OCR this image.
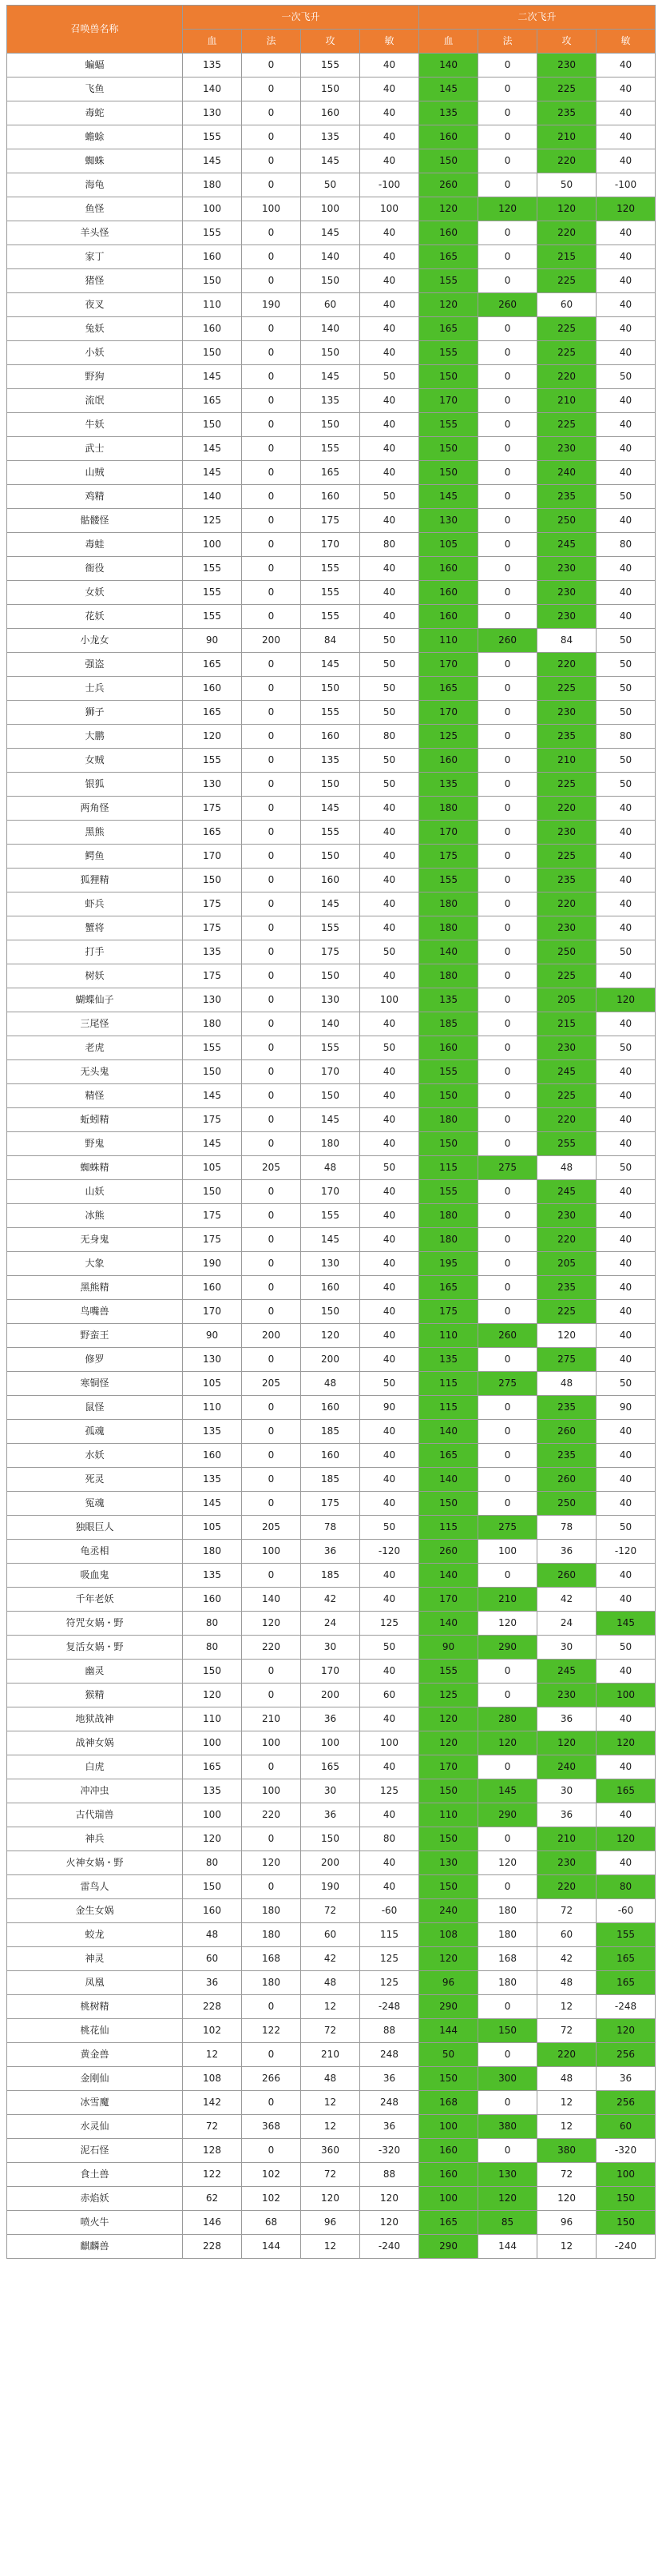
召唤兽名称	一次飞升				二次飞升			
	血	法	攻	敏	血	法	攻	敏
蝙蝠	135	0	155	40	140	0	230	40
飞鱼	140	0	150	40	145	0	225	40
毒蛇	130	0	160	40	135	0	235	40
蟾蜍	155	0	135	40	160	0	210	40
蜘蛛	145	0	145	40	150	0	220	40
海龟	180	0	50	-100	260	0	50	-100
鱼怪	100	100	100	100	120	120	120	120
羊头怪	155	0	145	40	160	0	220	40
家丁	160	0	140	40	165	0	215	40
猪怪	150	0	150	40	155	0	225	40
夜叉	110	190	60	40	120	260	60	40
兔妖	160	0	140	40	165	0	225	40
小妖	150	0	150	40	155	0	225	40
野狗	145	0	145	50	150	0	220	50
流氓	165	0	135	40	170	0	210	40
牛妖	150	0	150	40	155	0	225	40
武士	145	0	155	40	150	0	230	40
山贼	145	0	165	40	150	0	240	40
鸡精	140	0	160	50	145	0	235	50
骷髅怪	125	0	175	40	130	0	250	40
毒蛙	100	0	170	80	105	0	245	80
衙役	155	0	155	40	160	0	230	40
女妖	155	0	155	40	160	0	230	40
花妖	155	0	155	40	160	0	230	40
小龙女	90	200	84	50	110	260	84	50
强盗	165	0	145	50	170	0	220	50
士兵	160	0	150	50	165	0	225	50
狮子	165	0	155	50	170	0	230	50
大鹏	120	0	160	80	125	0	235	80
女贼	155	0	135	50	160	0	210	50
银狐	130	0	150	50	135	0	225	50
两角怪	175	0	145	40	180	0	220	40
黑熊	165	0	155	40	170	0	230	40
鳄鱼	170	0	150	40	175	0	225	40
狐狸精	150	0	160	40	155	0	235	40
虾兵	175	0	145	40	180	0	220	40
蟹将	175	0	155	40	180	0	230	40
打手	135	0	175	50	140	0	250	50
树妖	175	0	150	40	180	0	225	40
蝴蝶仙子	130	0	130	100	135	0	205	120
三尾怪	180	0	140	40	185	0	215	40
老虎	155	0	155	50	160	0	230	50
无头鬼	150	0	170	40	155	0	245	40
精怪	145	0	150	40	150	0	225	40
蚯蚓精	175	0	145	40	180	0	220	40
野鬼	145	0	180	40	150	0	255	40
蜘蛛精	105	205	48	50	115	275	48	50
山妖	150	0	170	40	155	0	245	40
冰熊	175	0	155	40	180	0	230	40
无身鬼	175	0	145	40	180	0	220	40
大象	190	0	130	40	195	0	205	40
黑熊精	160	0	160	40	165	0	235	40
鸟嘴兽	170	0	150	40	175	0	225	40
野蛮王	90	200	120	40	110	260	120	40
修罗	130	0	200	40	135	0	275	40
寒铜怪	105	205	48	50	115	275	48	50
鼠怪	110	0	160	90	115	0	235	90
孤魂	135	0	185	40	140	0	260	40
水妖	160	0	160	40	165	0	235	40
死灵	135	0	185	40	140	0	260	40
冤魂	145	0	175	40	150	0	250	40
独眼巨人	105	205	78	50	115	275	78	50
龟丞相	180	100	36	-120	260	100	36	-120
吸血鬼	135	0	185	40	140	0	260	40
千年老妖	160	140	42	40	170	210	42	40
符咒女娲・野	80	120	24	125	140	120	24	145
复活女娲・野	80	220	30	50	90	290	30	50
幽灵	150	0	170	40	155	0	245	40
猴精	120	0	200	60	125	0	230	100
地狱战神	110	210	36	40	120	280	36	40
战神女娲	100	100	100	100	120	120	120	120
白虎	165	0	165	40	170	0	240	40
冲冲虫	135	100	30	125	150	145	30	165
古代瑞兽	100	220	36	40	110	290	36	40
神兵	120	0	150	80	150	0	210	120
火神女娲・野	80	120	200	40	130	120	230	40
雷鸟人	150	0	190	40	150	0	220	80
金生女娲	160	180	72	-60	240	180	72	-60
蛟龙	48	180	60	115	108	180	60	155
神灵	60	168	42	125	120	168	42	165
凤凰	36	180	48	125	96	180	48	165
桃树精	228	0	12	-248	290	0	12	-248
桃花仙	102	122	72	88	144	150	72	120
黄金兽	12	0	210	248	50	0	220	256
金刚仙	108	266	48	36	150	300	48	36
冰雪魔	142	0	12	248	168	0	12	256
水灵仙	72	368	12	36	100	380	12	60
泥石怪	128	0	360	-320	160	0	380	-320
食土兽	122	102	72	88	160	130	72	100
赤焰妖	62	102	120	120	100	120	120	150
喷火牛	146	68	96	120	165	85	96	150
麒麟兽	228	144	12	-240	290	144	12	-240
